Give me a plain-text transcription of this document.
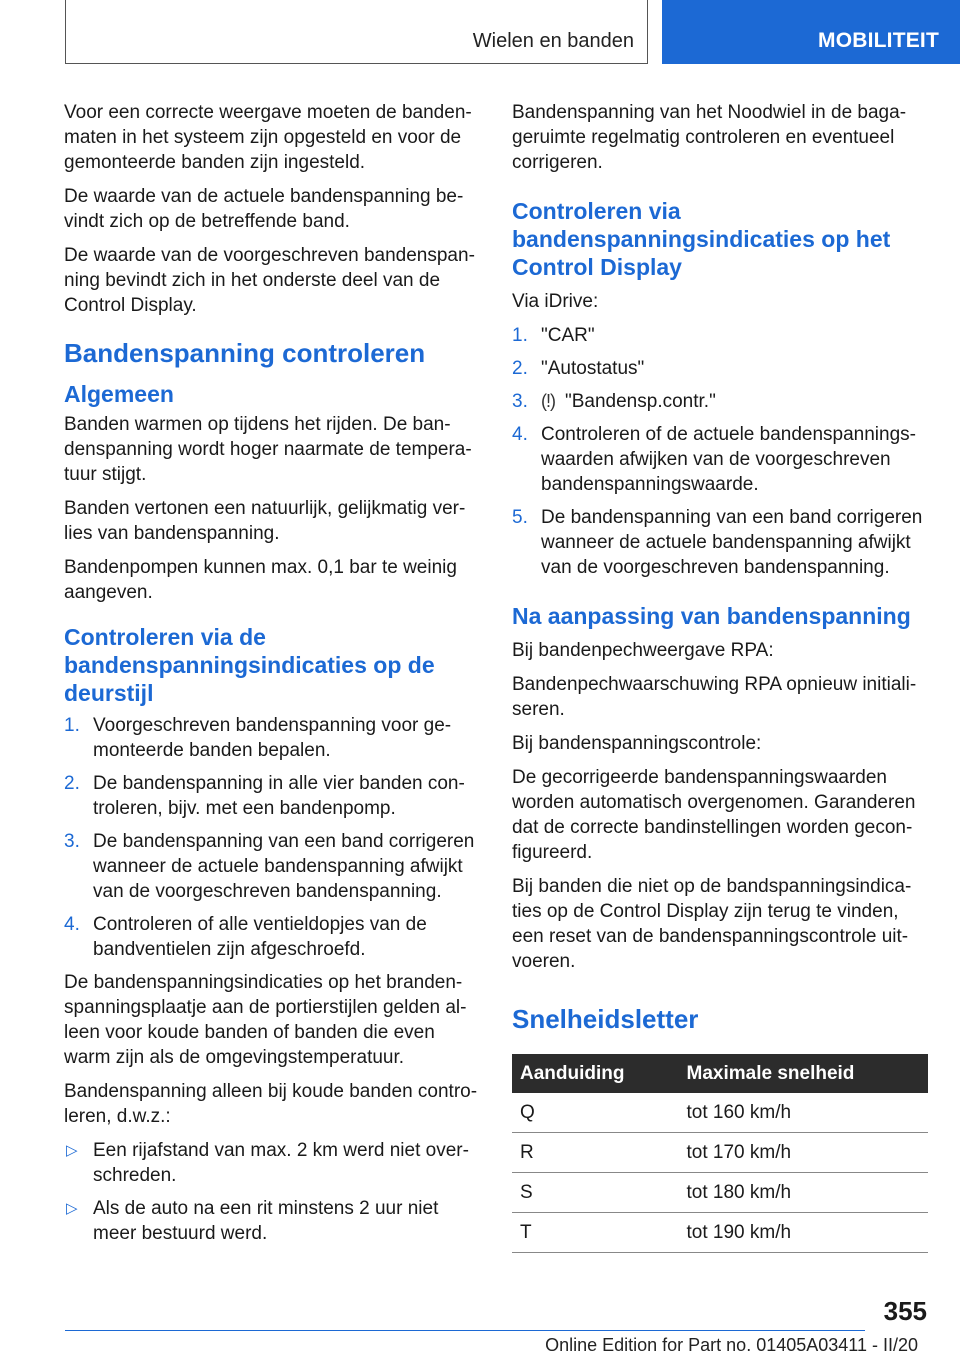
Wielen en banden	MOBILITEIT

Voor een correcte weergave moeten de bandenmaten in het systeem zijn opgesteld en voor de gemonteerde banden zijn ingesteld.

De waarde van de actuele bandenspanning bevindt zich op de betreffende band.

De waarde van de voorgeschreven bandenspanning bevindt zich in het onderste deel van de Control Display.

Bandenspanning controleren
Algemeen

Banden warmen op tijdens het rijden. De bandenspanning wordt hoger naarmate de temperatuur stijgt.

Banden vertonen een natuurlijk, gelijkmatig verlies van bandenspanning.

Bandenpompen kunnen max. 0,1 bar te weinig aangeven.

Controleren via de bandenspanningsindicaties op de deurstijl
1. Voorgeschreven bandenspanning voor gemonteerde banden bepalen.
2. De bandenspanning in alle vier banden controleren, bijv. met een bandenpomp.
3. De bandenspanning van een band corrigeren wanneer de actuele bandenspanning afwijkt van de voorgeschreven bandenspanning.
4. Controleren of alle ventieldopjes van de bandventielen zijn afgeschroefd.

De bandenspanningsindicaties op het brandenspanningsplaatje aan de portierstijlen gelden alleen voor koude banden of banden die even warm zijn als de omgevingstemperatuur.

Bandenspanning alleen bij koude banden controleren, d.w.z.:

▷ Een rijafstand van max. 2 km werd niet overschreden.
▷ Als de auto na een rit minstens 2 uur niet meer bestuurd werd.

Bandenspanning van het Noodwiel in de bagageruimte regelmatig controleren en eventueel corrigeren.

Controleren via bandenspanningsindicaties op het Control Display

Via iDrive:

1. "CAR"
2. "Autostatus"
3. (!) "Bandensp.contr."
4. Controleren of de actuele bandenspanningswaarden afwijken van de voorgeschreven bandenspanningswaarde.
5. De bandenspanning van een band corrigeren wanneer de actuele bandenspanning afwijkt van de voorgeschreven bandenspanning.
Na aanpassing van bandenspanning

Bij bandenpechweergave RPA:

Bandenpechwaarschuwing RPA opnieuw initialiseren.

Bij bandenspanningscontrole:

De gecorrigeerde bandenspanningswaarden worden automatisch overgenomen. Garanderen dat de correcte bandinstellingen worden geconfigureerd.

Bij banden die niet op de bandspanningsindicaties op de Control Display zijn terug te vinden, een reset van de bandenspanningscontrole uitvoeren.

Snelheidsletter
Aanduiding	Maximale snelheid
Q	tot 160 km/h
R	tot 170 km/h
S	tot 180 km/h
T	tot 190 km/h
355
Online Edition for Part no. 01405A03411 - II/20
